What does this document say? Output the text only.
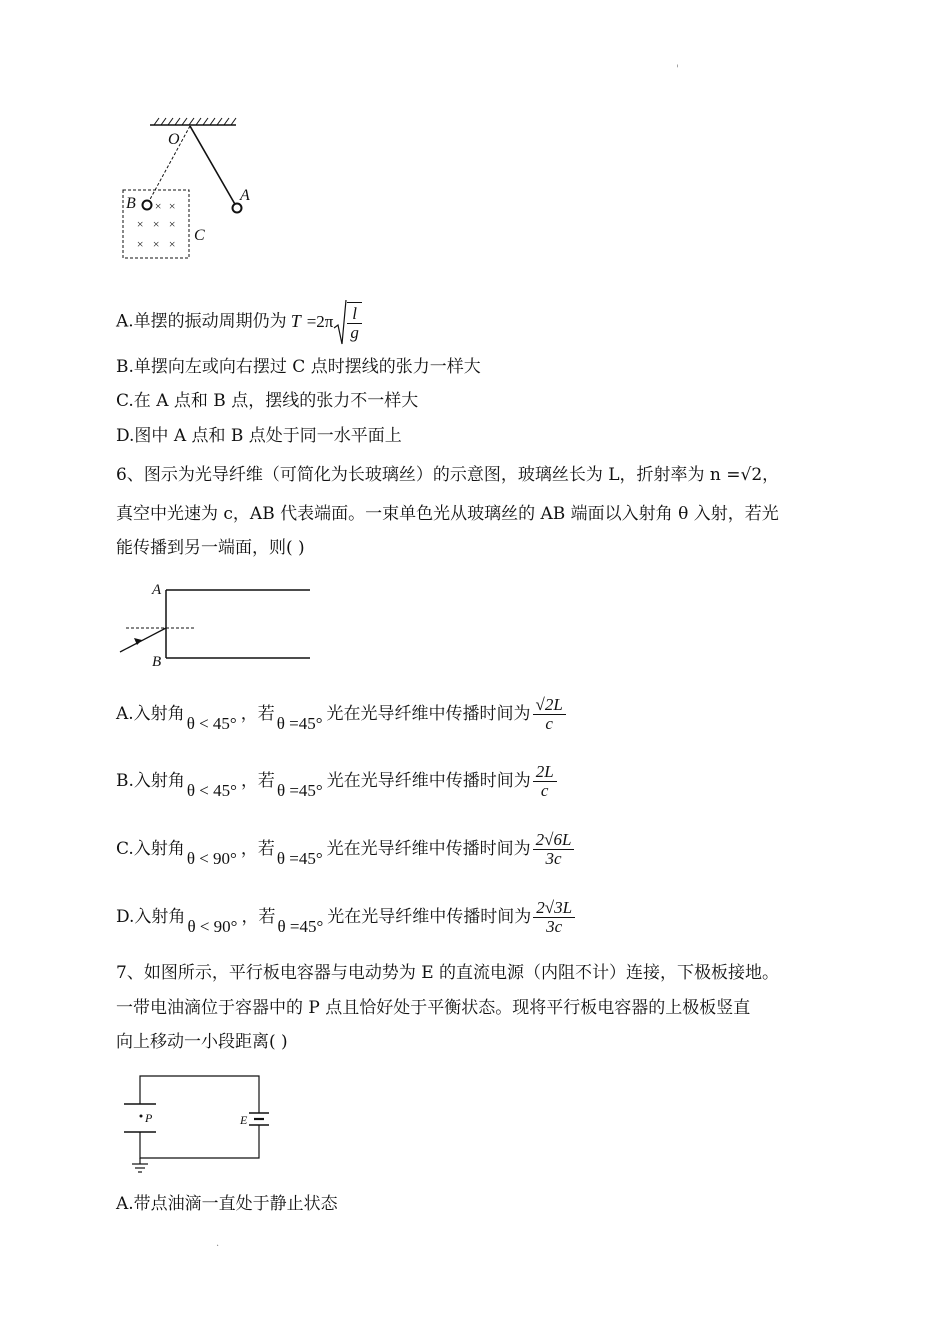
'
.
× ×
× × ×
× × ×
O
A
B
C
A.单摆的振动周期仍为 $T =2\pi \frac{l}{g}$
B.单摆向左或向右摆过 C 点时摆线的张力一样大
C.在 A 点和 B 点，摆线的张力不一样大
D.图中 A 点和 B 点处于同一水平面上
6、图示为光导纤维（可简化为长玻璃丝）的示意图，玻璃丝长为 L，折射率为 n =√2，
真空中光速为 c，AB 代表端面。一束单色光从玻璃丝的 AB 端面以入射角 θ 入射，若光
能传播到另一端面，则( )
A
B
A.入射角 θ < 45° ，若 θ =45° 光在光导纤维中传播时间为 $\frac{√2L}{c}$
B.入射角 θ < 45° ，若 θ =45° 光在光导纤维中传播时间为 $\frac{2L}{c}$
C.入射角 θ < 90° ，若 θ =45° 光在光导纤维中传播时间为 $\frac{2√6L}{3c}$
D.入射角 θ < 90° ，若 θ =45° 光在光导纤维中传播时间为 $\frac{2√3L}{3c}$
7、如图所示，平行板电容器与电动势为 E 的直流电源（内阻不计）连接，下极板接地。
一带电油滴位于容器中的 P 点且恰好处于平衡状态。现将平行板电容器的上极板竖直
向上移动一小段距离( )
P	E
A.带点油滴一直处于静止状态
